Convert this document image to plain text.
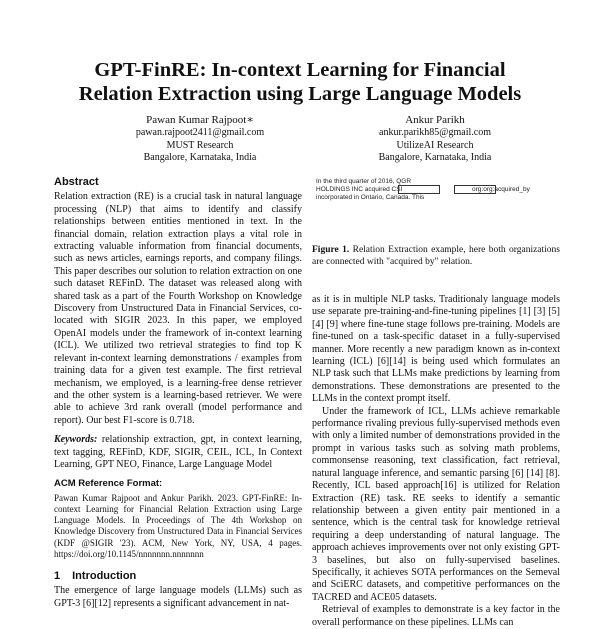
GPT-FinRE: In-context Learning for Financial
Relation Extraction using Large Language Models
Pawan Kumar Rajpoot∗
pawan.rajpoot2411@gmail.com
MUST Research
Bangalore, Karnataka, India
Ankur Parikh
ankur.parikh85@gmail.com
UtilizeAI Research
Bangalore, Karnataka, India
Abstract

Relation extraction (RE) is a crucial task in natural language processing (NLP) that aims to identify and classify relationships between entities mentioned in text. In the financial domain, relation extraction plays a vital role in extracting valuable information from financial documents, such as news articles, earnings reports, and company filings. This paper describes our solution to relation extraction on one such dataset REFinD. The dataset was released along with shared task as a part of the Fourth Workshop on Knowledge Discovery from Unstructured Data in Financial Services, co-located with SIGIR 2023. In this paper, we employed OpenAI models under the framework of in-context learning (ICL). We utilized two retrieval strategies to find top K relevant in-context learning demonstrations / examples from training data for a given test example. The first retrieval mechanism, we employed, is a learning-free dense retriever and the other system is a learning-based retriever. We were able to achieve 3rd rank overall (model performance and report). Our best F1-score is 0.718.

Keywords: relationship extraction, gpt, in context learning, text tagging, REFinD, KDF, SIGIR, CEIL, ICL, In Context Learning, GPT NEO, Finance, Large Language Model

ACM Reference Format:

Pawan Kumar Rajpoot and Ankur Parikh. 2023. GPT-FinRE: In-context Learning for Financial Relation Extraction using Large Language Models. In Proceedings of The 4th Workshop on Knowledge Discovery from Unstructured Data in Financial Services (KDF @SIGIR '23). ACM, New York, NY, USA, 4 pages. https://doi.org/10.1145/nnnnnnn.nnnnnnn

1 Introduction

The emergence of large language models (LLMs) such as GPT-3 [6][12] represents a significant advancement in nat-

In the third quarter of 2016, QGR
HOLDINGS INC acquired CSI
incorporated in Ontario, Canada. This
org:org:acquired_by

Figure 1. Relation Extraction example, here both organizations are connected with "acquired by" relation.

as it is in multiple NLP tasks. Traditionaly language models use separate pre-training-and-fine-tuning pipelines [1] [3] [5] [4] [9] where fine-tune stage follows pre-training. Models are fine-tuned on a task-specific dataset in a fully-supervised manner. More recently a new paradigm known as in-context learning (ICL) [6][14] is being used which formulates an NLP task such that LLMs make predictions by learning from demonstrations. These demonstrations are presented to the LLMs in the context prompt itself.

Under the framework of ICL, LLMs achieve remarkable performance rivaling previous fully-supervised methods even with only a limited number of demonstrations provided in the prompt in various tasks such as solving math problems, commonsense reasoning, text classification, fact retrieval, natural language inference, and semantic parsing [6] [14] [8]. Recently, ICL based approach[16] is utilized for Relation Extraction (RE) task. RE seeks to identify a semantic relationship between a given entity pair mentioned in a sentence, which is the central task for knowledge retrieval requiring a deep understanding of natural language. The approach achieves improvements over not only existing GPT-3 baselines, but also on fully-supervised baselines. Specifically, it achieves SOTA performances on the Semeval and SciERC datasets, and competitive performances on the TACRED and ACE05 datasets.

Retrieval of examples to demonstrate is a key factor in the overall performance on these pipelines. LLMs can
